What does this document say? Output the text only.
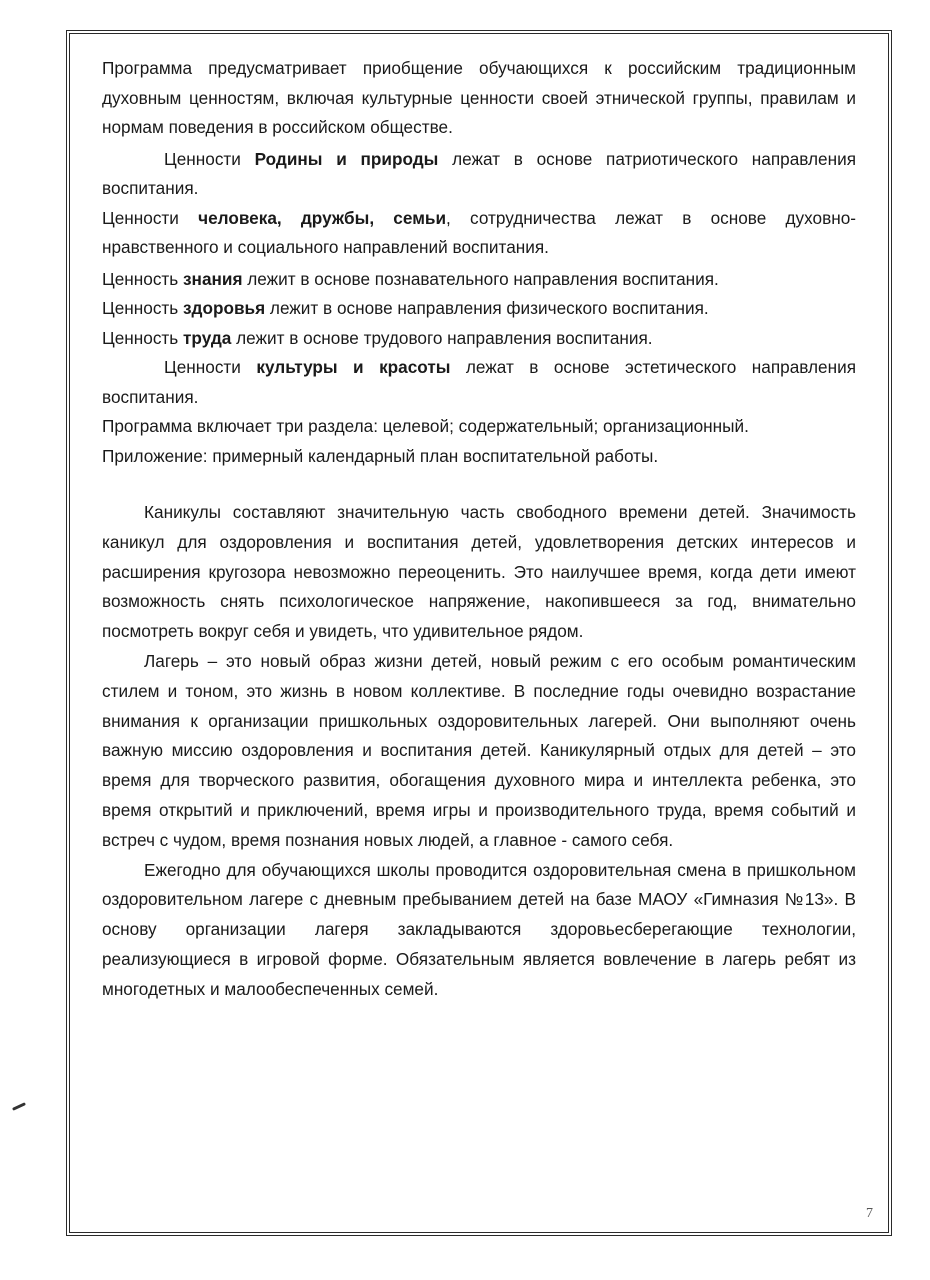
Программа предусматривает приобщение обучающихся к российским традиционным духовным ценностям, включая культурные ценности своей этнической группы, правилам и нормам поведения в российском обществе.

Ценности Родины и природы лежат в основе патриотического направления воспитания.

Ценности человека, дружбы, семьи, сотрудничества лежат в основе духовно-нравственного и социального направлений воспитания.

Ценность знания лежит в основе познавательного направления воспитания.

Ценность здоровья лежит в основе направления физического воспитания.

Ценность труда лежит в основе трудового направления воспитания.

Ценности культуры и красоты лежат в основе эстетического направления воспитания.

Программа включает три раздела: целевой; содержательный; организационный.

Приложение: примерный календарный план воспитательной работы.

Каникулы составляют значительную часть свободного времени детей. Значимость каникул для оздоровления и воспитания детей, удовлетворения детских интересов и расширения кругозора невозможно переоценить. Это наилучшее время, когда дети имеют возможность снять психологическое напряжение, накопившееся за год, внимательно посмотреть вокруг себя и увидеть, что удивительное рядом.

Лагерь – это новый образ жизни детей, новый режим с его особым романтическим стилем и тоном, это жизнь в новом коллективе. В последние годы очевидно возрастание внимания к организации пришкольных оздоровительных лагерей. Они выполняют очень важную миссию оздоровления и воспитания детей. Каникулярный отдых для детей – это время для творческого развития, обогащения духовного мира и интеллекта ребенка, это время открытий и приключений, время игры и производительного труда, время событий и встреч с чудом, время познания новых людей, а главное - самого себя.

Ежегодно для обучающихся школы проводится оздоровительная смена в пришкольном оздоровительном лагере с дневным пребыванием детей на базе МАОУ «Гимназия №13». В основу организации лагеря закладываются здоровьесберегающие технологии, реализующиеся в игровой форме. Обязательным является вовлечение в лагерь ребят из многодетных и малообеспеченных семей.

7
